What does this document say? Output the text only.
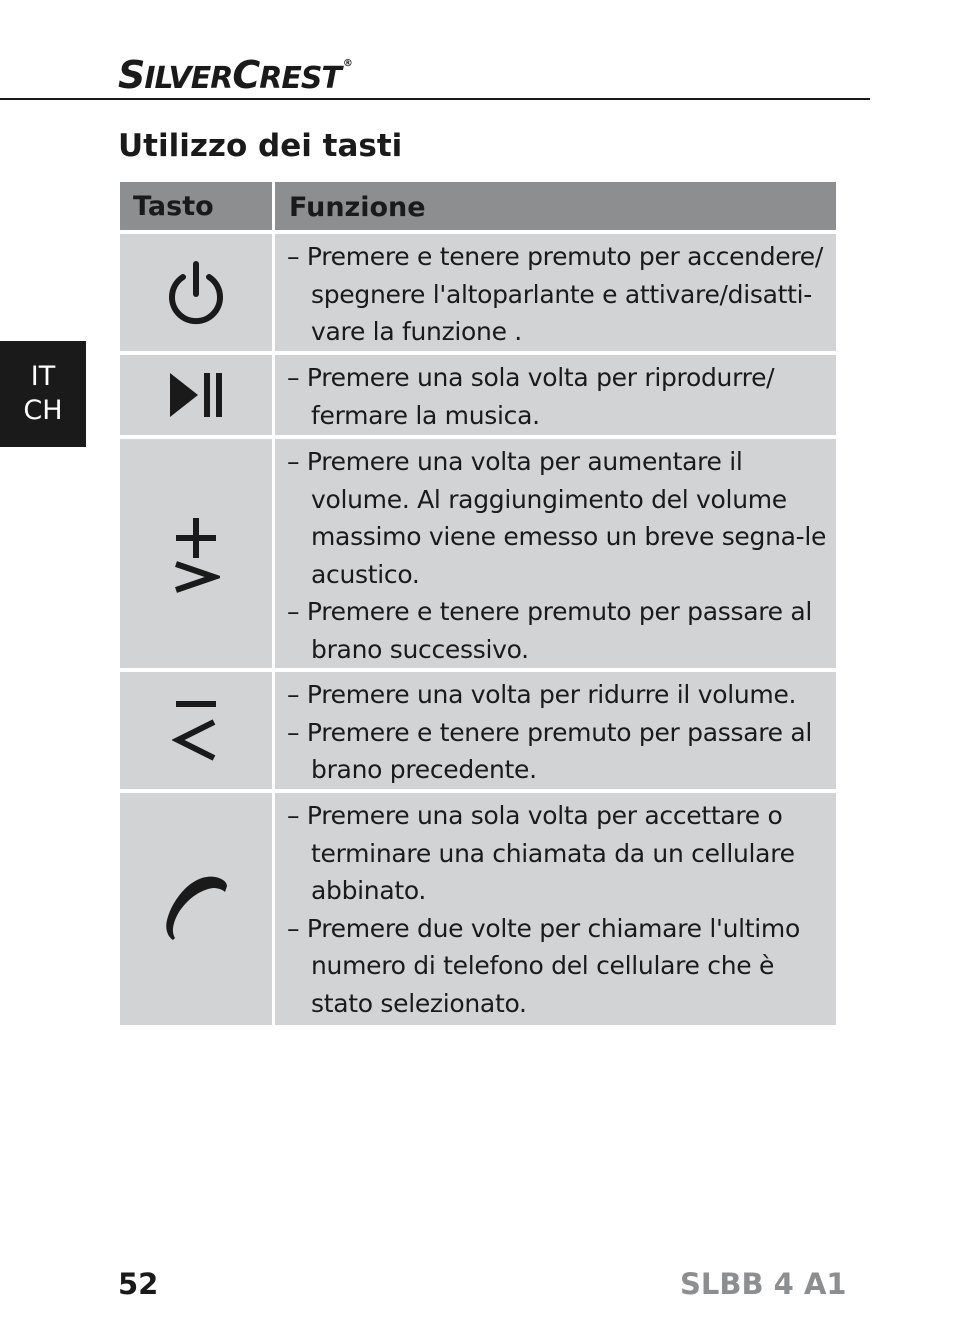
SILVERCREST ®
Utilizzo dei tasti
IT
CH
Tasto	Funzione
– Premere e tenere premuto per accendere/ spegnere l'altoparlante e attivare/disatti-vare la funzione .
– Premere una sola volta per riprodurre/ fermare la musica.
– Premere una volta per aumentare il volume. Al raggiungimento del volume massimo viene emesso un breve segna-le acustico.
– Premere e tenere premuto per passare al brano successivo.
– Premere una volta per ridurre il volume.
– Premere e tenere premuto per passare al brano precedente.
– Premere una sola volta per accettare o terminare una chiamata da un cellulare abbinato.
– Premere due volte per chiamare l'ultimo numero di telefono del cellulare che è stato selezionato.
52	SLBB 4 A1
